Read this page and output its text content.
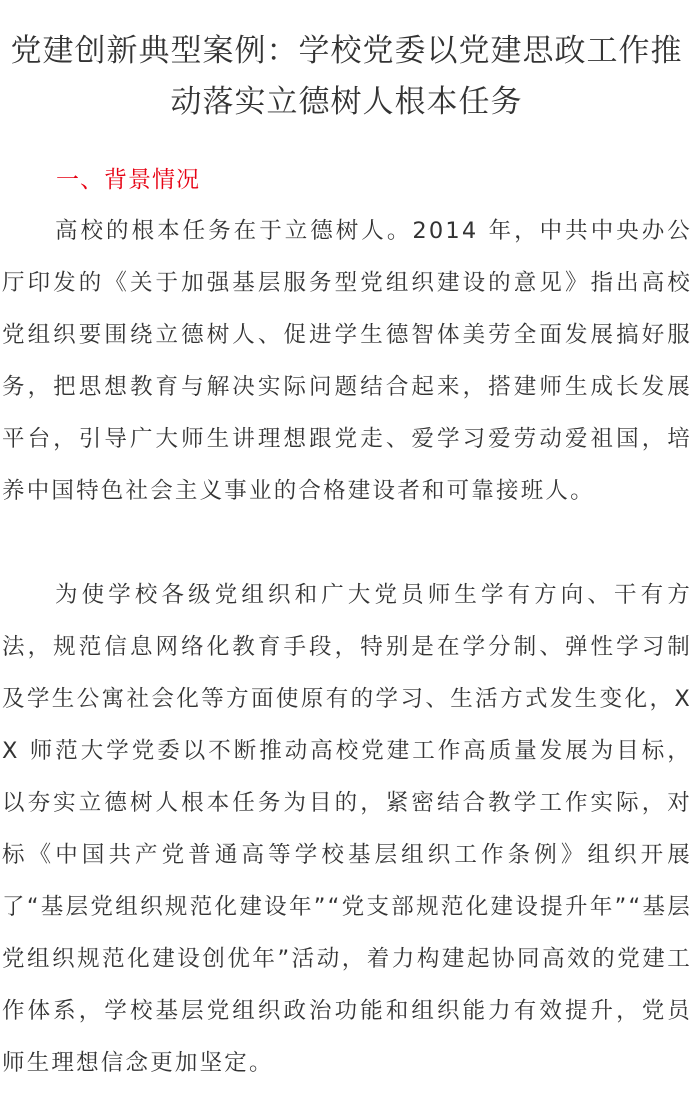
党建创新典型案例：学校党委以党建思政工作推动落实立德树人根本任务
一、背景情况

高校的根本任务在于立德树人。2014 年，中共中央办公厅印发的《关于加强基层服务型党组织建设的意见》指出高校党组织要围绕立德树人、促进学生德智体美劳全面发展搞好服务，把思想教育与解决实际问题结合起来，搭建师生成长发展平台，引导广大师生讲理想跟党走、爱学习爱劳动爱祖国，培养中国特色社会主义事业的合格建设者和可靠接班人。

为使学校各级党组织和广大党员师生学有方向、干有方法，规范信息网络化教育手段，特别是在学分制、弹性学习制及学生公寓社会化等方面使原有的学习、生活方式发生变化，XX 师范大学党委以不断推动高校党建工作高质量发展为目标，以夯实立德树人根本任务为目的，紧密结合教学工作实际，对标《中国共产党普通高等学校基层组织工作条例》组织开展了“基层党组织规范化建设年”“党支部规范化建设提升年”“基层党组织规范化建设创优年”活动，着力构建起协同高效的党建工作体系，学校基层党组织政治功能和组织能力有效提升，党员师生理想信念更加坚定。
